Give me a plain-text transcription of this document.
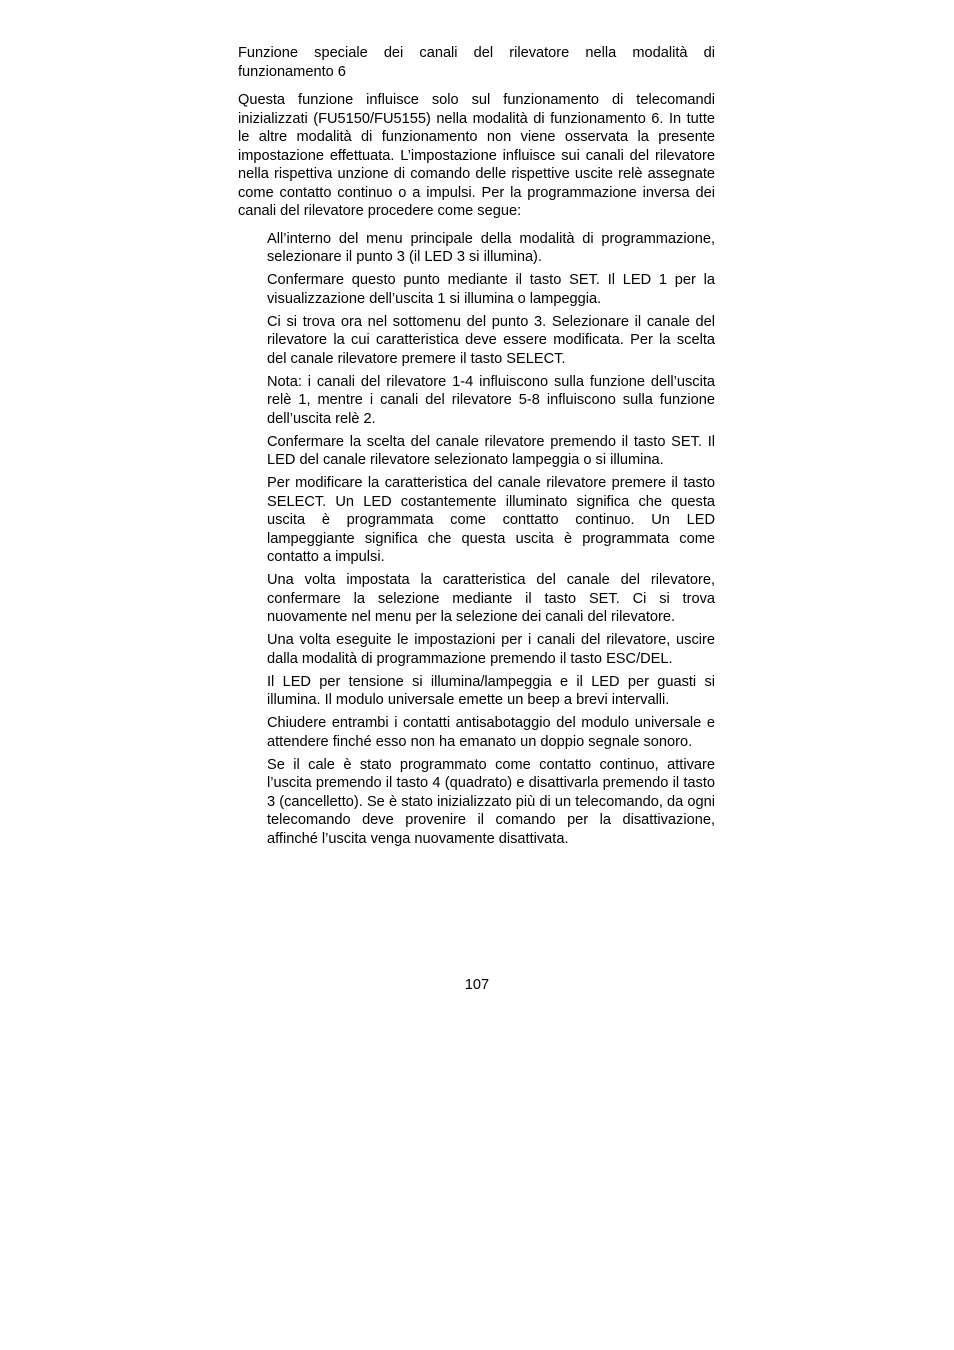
Funzione speciale dei canali del rilevatore nella modalità di funzionamento 6

Questa funzione influisce solo sul funzionamento di telecomandi inizializzati (FU5150/FU5155) nella modalità di funzionamento 6. In tutte le altre modalità di funzionamento non viene osservata la presente impostazione effettuata. L’impostazione influisce sui canali del rilevatore nella rispettiva unzione di comando delle rispettive uscite relè assegnate come contatto continuo o a impulsi. Per la programmazione inversa dei canali del rilevatore procedere come segue:

All’interno del menu principale della modalità di programmazione, selezionare il punto 3 (il LED 3 si illumina).
Confermare questo punto mediante il tasto SET. Il LED 1 per la visualizzazione dell’uscita 1 si illumina o lampeggia.
Ci si trova ora nel sottomenu del punto 3. Selezionare il canale del rilevatore la cui caratteristica deve essere modificata. Per la scelta del canale rilevatore premere il tasto SELECT.
Nota: i canali del rilevatore 1-4 influiscono sulla funzione dell’uscita relè 1, mentre i canali del rilevatore 5-8 influiscono sulla funzione dell’uscita relè 2.
Confermare la scelta del canale rilevatore premendo il tasto SET. Il LED del canale rilevatore selezionato lampeggia o si illumina.
Per modificare la caratteristica del canale rilevatore premere il tasto SELECT. Un LED costantemente illuminato significa che questa uscita è programmata come conttatto continuo. Un LED lampeggiante significa che questa uscita è programmata come contatto a impulsi.
Una volta impostata la caratteristica del canale del rilevatore, confermare la selezione mediante il tasto SET. Ci si trova nuovamente nel menu per la selezione dei canali del rilevatore.
Una volta eseguite le impostazioni per i canali del rilevatore, uscire dalla modalità di programmazione premendo il tasto ESC/DEL.
Il LED per tensione si illumina/lampeggia e il LED per guasti si illumina. Il modulo universale emette un beep a brevi intervalli.
Chiudere entrambi i contatti antisabotaggio del modulo universale e attendere finché esso non ha emanato un doppio segnale sonoro.
Se il cale è stato programmato come contatto continuo, attivare l’uscita premendo il tasto 4 (quadrato) e disattivarla premendo il tasto 3 (cancelletto). Se è stato inizializzato più di un telecomando, da ogni telecomando deve provenire il comando per la disattivazione, affinché l’uscita venga nuovamente disattivata.
107
